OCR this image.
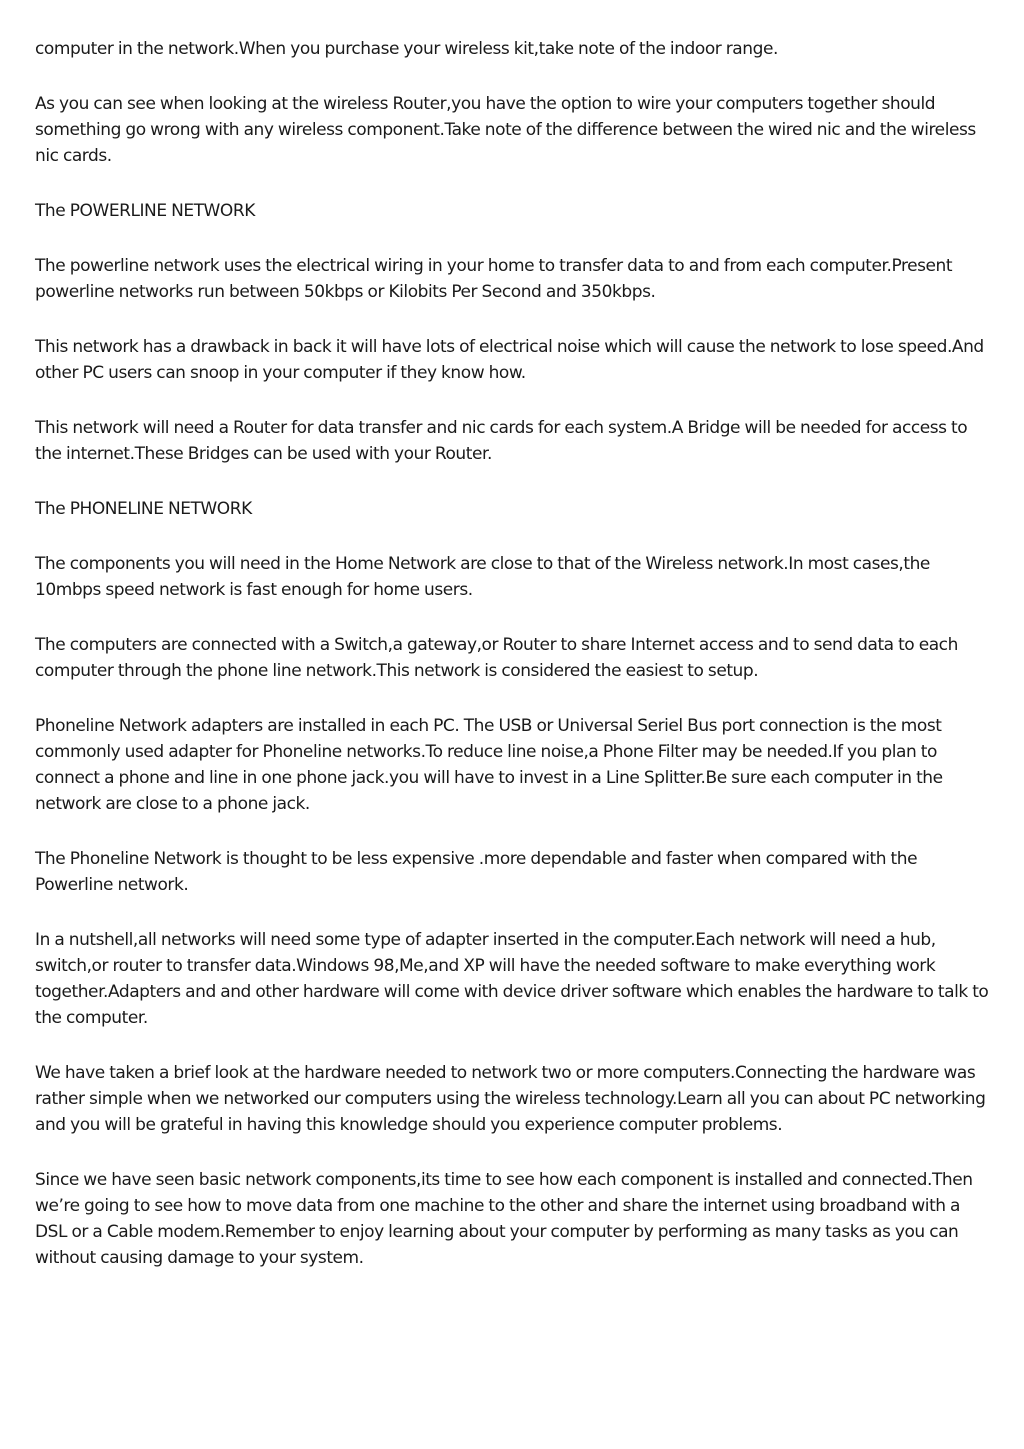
computer in the network.When you purchase your wireless kit,take note of the indoor range.

As you can see when looking at the wireless Router,you have the option to wire your computers together should something go wrong with any wireless component.Take note of the difference between the wired nic and the wireless nic cards.

The POWERLINE NETWORK

The powerline network uses the electrical wiring in your home to transfer data to and from each computer.Present powerline networks run between 50kbps or Kilobits Per Second and 350kbps.

This network has a drawback in back it will have lots of electrical noise which will cause the network to lose speed.And other PC users can snoop in your computer if they know how.

This network will need a Router for data transfer and nic cards for each system.A Bridge will be needed for access to the internet.These Bridges can be used with your Router.

The PHONELINE NETWORK

The components you will need in the Home Network are close to that of the Wireless network.In most cases,the 10mbps speed network is fast enough for home users.

The computers are connected with a Switch,a gateway,or Router to share Internet access and to send data to each computer through the phone line network.This network is considered the easiest to setup.

Phoneline Network adapters are installed in each PC. The USB or Universal Seriel Bus port connection is the most commonly used adapter for Phoneline networks.To reduce line noise,a Phone Filter may be needed.If you plan to connect a phone and line in one phone jack.you will have to invest in a Line Splitter.Be sure each computer in the network are close to a phone jack.

The Phoneline Network is thought to be less expensive .more dependable and faster when compared with the Powerline network.

In a nutshell,all networks will need some type of adapter inserted in the computer.Each network will need a hub, switch,or router to transfer data.Windows 98,Me,and XP will have the needed software to make everything work together.Adapters and and other hardware will come with device driver software which enables the hardware to talk to the computer.

We have taken a brief look at the hardware needed to network two or more computers.Connecting the hardware was rather simple when we networked our computers using the wireless technology.Learn all you can about PC networking and you will be grateful in having this knowledge should you experience computer problems.

Since we have seen basic network components,its time to see how each component is installed and connected.Then we’re going to see how to move data from one machine to the other and share the internet using broadband with a DSL or a Cable modem.Remember to enjoy learning about your computer by performing as many tasks as you can without causing damage to your system.
